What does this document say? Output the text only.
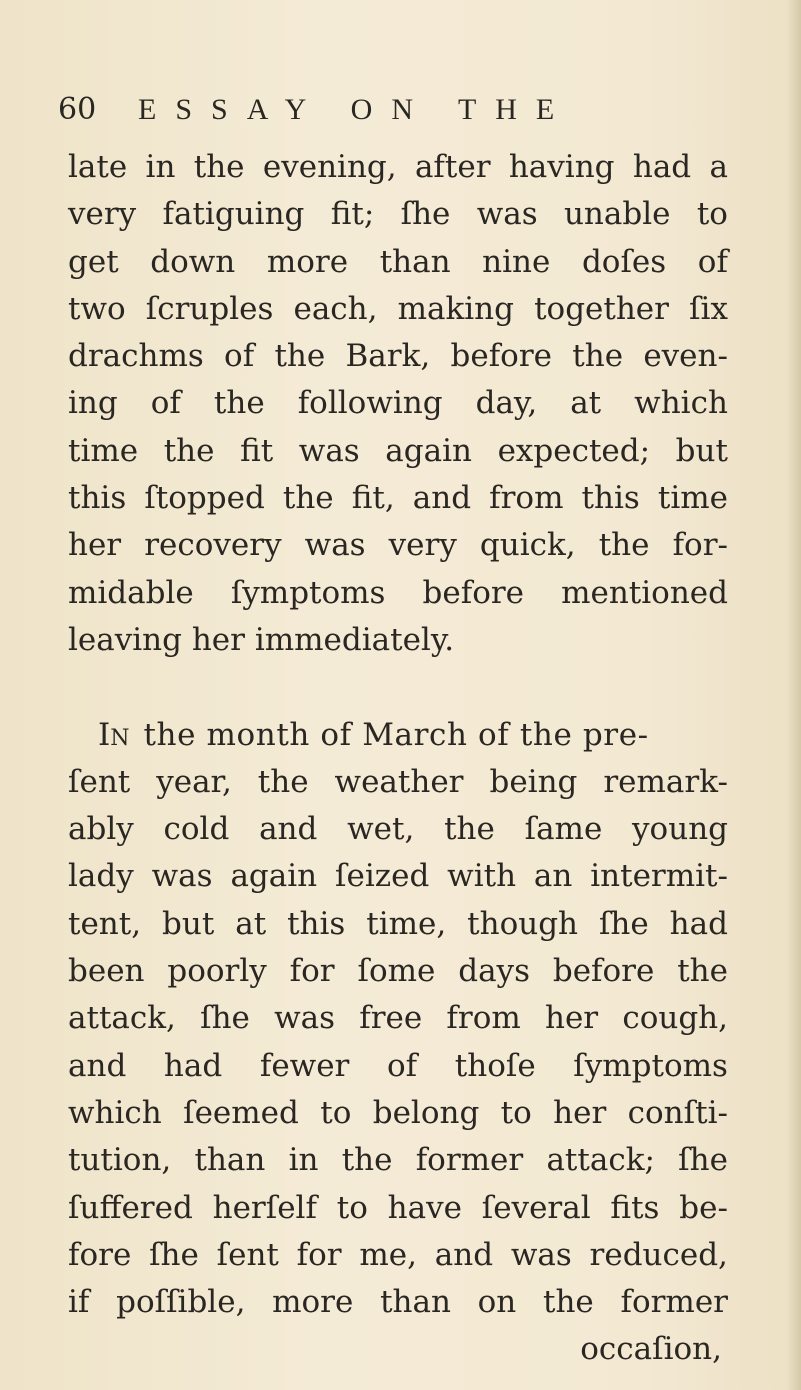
60	ESSAY ON THE
late in the evening, after having had a
very fatiguing fit; ſhe was unable to
get down more than nine doſes of
two ſcruples each, making together ſix
drachms of the Bark, before the even-
ing of the following day, at which
time the fit was again expected; but
this ſtopped the fit, and from this time
her recovery was very quick, the for-
midable ſymptoms before mentioned
leaving her immediately.
In the month of March of the pre-
ſent year, the weather being remark-
ably cold and wet, the ſame young
lady was again ſeized with an intermit-
tent, but at this time, though ſhe had
been poorly for ſome days before the
attack, ſhe was free from her cough,
and had fewer of thoſe ſymptoms
which ſeemed to belong to her conſti-
tution, than in the former attack; ſhe
ſuffered herſelf to have ſeveral fits be-
fore ſhe ſent for me, and was reduced,
if poſſible, more than on the former
occaſion,
